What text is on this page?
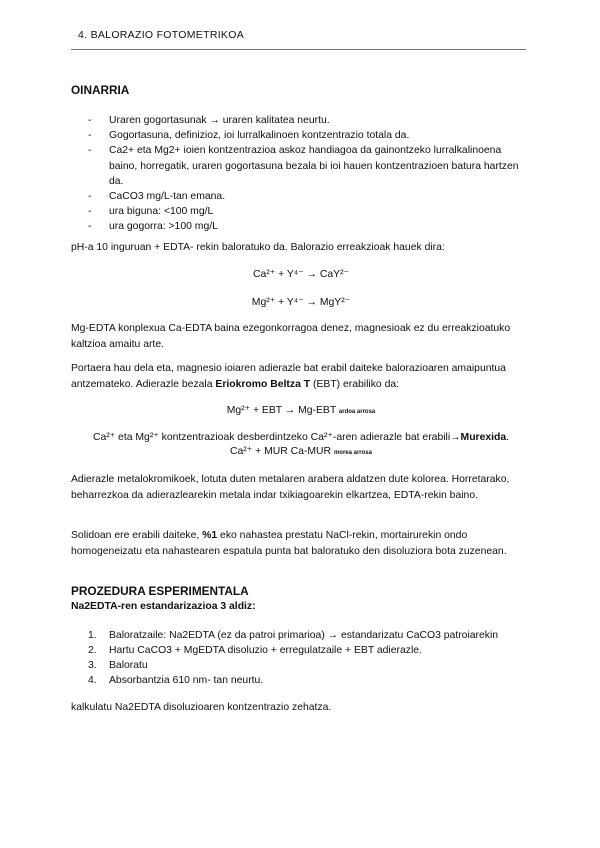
4. BALORAZIO FOTOMETRIKOA
OINARRIA
- Uraren gogortasunak → uraren kalitatea neurtu.
- Gogortasuna, definizioz, ioi lurralkalinoen kontzentrazio totala da.
- Ca2+ eta Mg2+ ioien kontzentrazioa askoz handiagoa da gainontzeko lurralkalinoena baino, horregatik, uraren gogortasuna bezala bi ioi hauen kontzentrazioen batura hartzen da.
- CaCO3 mg/L-tan emana.
- ura biguna: <100 mg/L
- ura gogorra: >100 mg/L
pH-a 10 inguruan + EDTA- rekin baloratuko da. Balorazio erreakzioak hauek dira:
Ca²⁺ + Y⁴⁻ → CaY²⁻
Mg²⁺ + Y⁴⁻ → MgY²⁻
Mg-EDTA konplexua Ca-EDTA baina ezegonkorragoa denez, magnesioak ez du erreakzioatuko kaltzioa amaitu arte.
Portaera hau dela eta, magnesio ioiaren adierazle bat erabil daiteke balorazioaren amaipuntua antzemateko. Adierazle bezala Eriokromo Beltza T (EBT) erabiliko da:
Mg²⁺ + EBT → Mg-EBT ardoa arrosa
Ca²⁺ eta Mg²⁺ kontzentrazioak desberdintzeko Ca²⁺-aren adierazle bat erabili→Murexida.
Ca²⁺ + MUR Ca-MUR morea arrosa
Adierazle metalokromikoek, lotuta duten metalaren arabera aldatzen dute kolorea. Horretarako, beharrezkoa da adierazlearekin metala indar txikiagoarekin elkartzea, EDTA-rekin baino.
Solidoan ere erabili daiteke, %1 eko nahastea prestatu NaCl-rekin, mortairurekin ondo homogeneizatu eta nahastearen espatula punta bat baloratuko den disoluziora bota zuzenean.
PROZEDURA ESPERIMENTALA
Na2EDTA-ren estandarizazioa 3 aldiz:
1. Baloratzaile: Na2EDTA (ez da patroi primarioa) → estandarizatu CaCO3 patroiarekin
2. Hartu CaCO3 + MgEDTA disoluzio + erregulatzaile + EBT adierazle.
3. Baloratu
4. Absorbantzia 610 nm- tan neurtu.
kalkulatu Na2EDTA disoluzioaren kontzentrazio zehatza.
